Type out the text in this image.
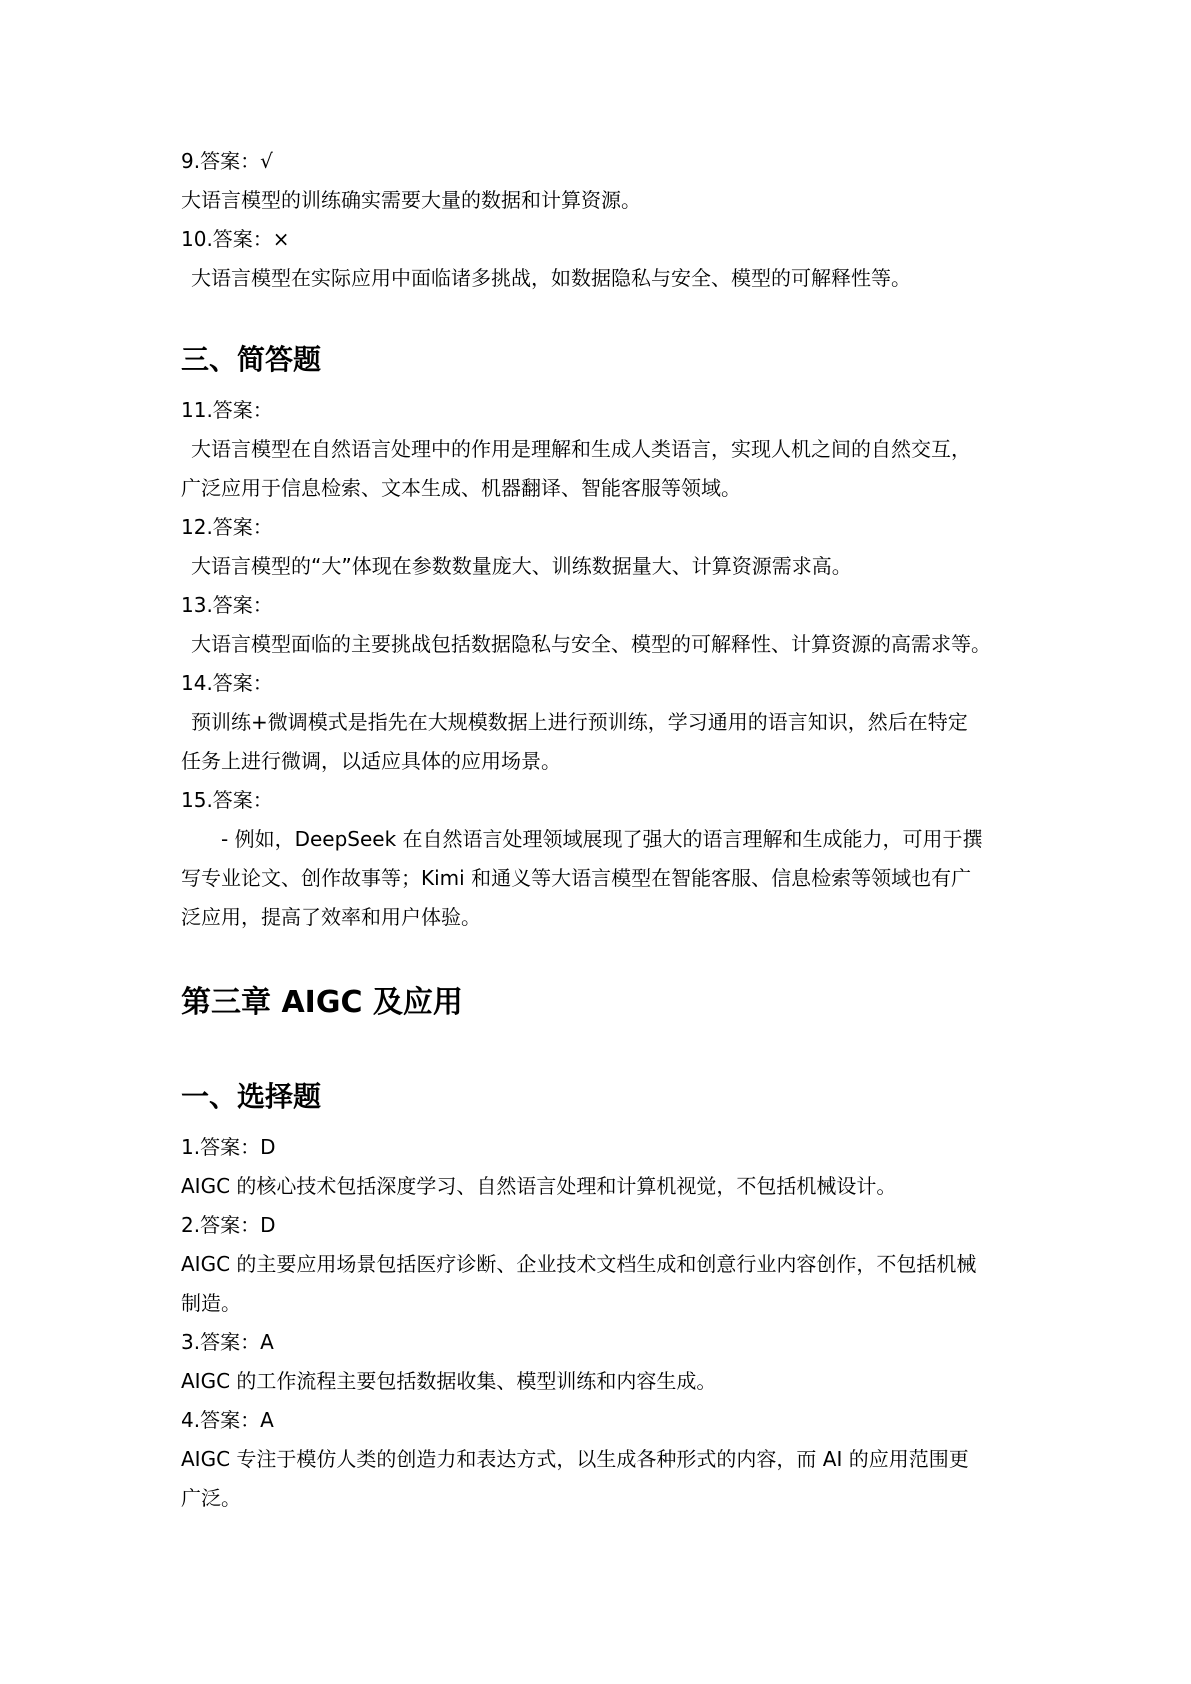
9.答案：√

大语言模型的训练确实需要大量的数据和计算资源。

10.答案：×

大语言模型在实际应用中面临诸多挑战，如数据隐私与安全、模型的可解释性等。

三、简答题

11.答案：

大语言模型在自然语言处理中的作用是理解和生成人类语言，实现人机之间的自然交互，

广泛应用于信息检索、文本生成、机器翻译、智能客服等领域。

12.答案：

大语言模型的“大”体现在参数数量庞大、训练数据量大、计算资源需求高。

13.答案：

大语言模型面临的主要挑战包括数据隐私与安全、模型的可解释性、计算资源的高需求等。

14.答案：

预训练+微调模式是指先在大规模数据上进行预训练，学习通用的语言知识，然后在特定

任务上进行微调，以适应具体的应用场景。

15.答案：

- 例如，DeepSeek 在自然语言处理领域展现了强大的语言理解和生成能力，可用于撰

写专业论文、创作故事等；Kimi 和通义等大语言模型在智能客服、信息检索等领域也有广

泛应用，提高了效率和用户体验。

第三章 AIGC 及应用
一、选择题

1.答案：D

AIGC 的核心技术包括深度学习、自然语言处理和计算机视觉，不包括机械设计。

2.答案：D

AIGC 的主要应用场景包括医疗诊断、企业技术文档生成和创意行业内容创作，不包括机械

制造。

3.答案：A

AIGC 的工作流程主要包括数据收集、模型训练和内容生成。

4.答案：A

AIGC 专注于模仿人类的创造力和表达方式，以生成各种形式的内容，而 AI 的应用范围更

广泛。
